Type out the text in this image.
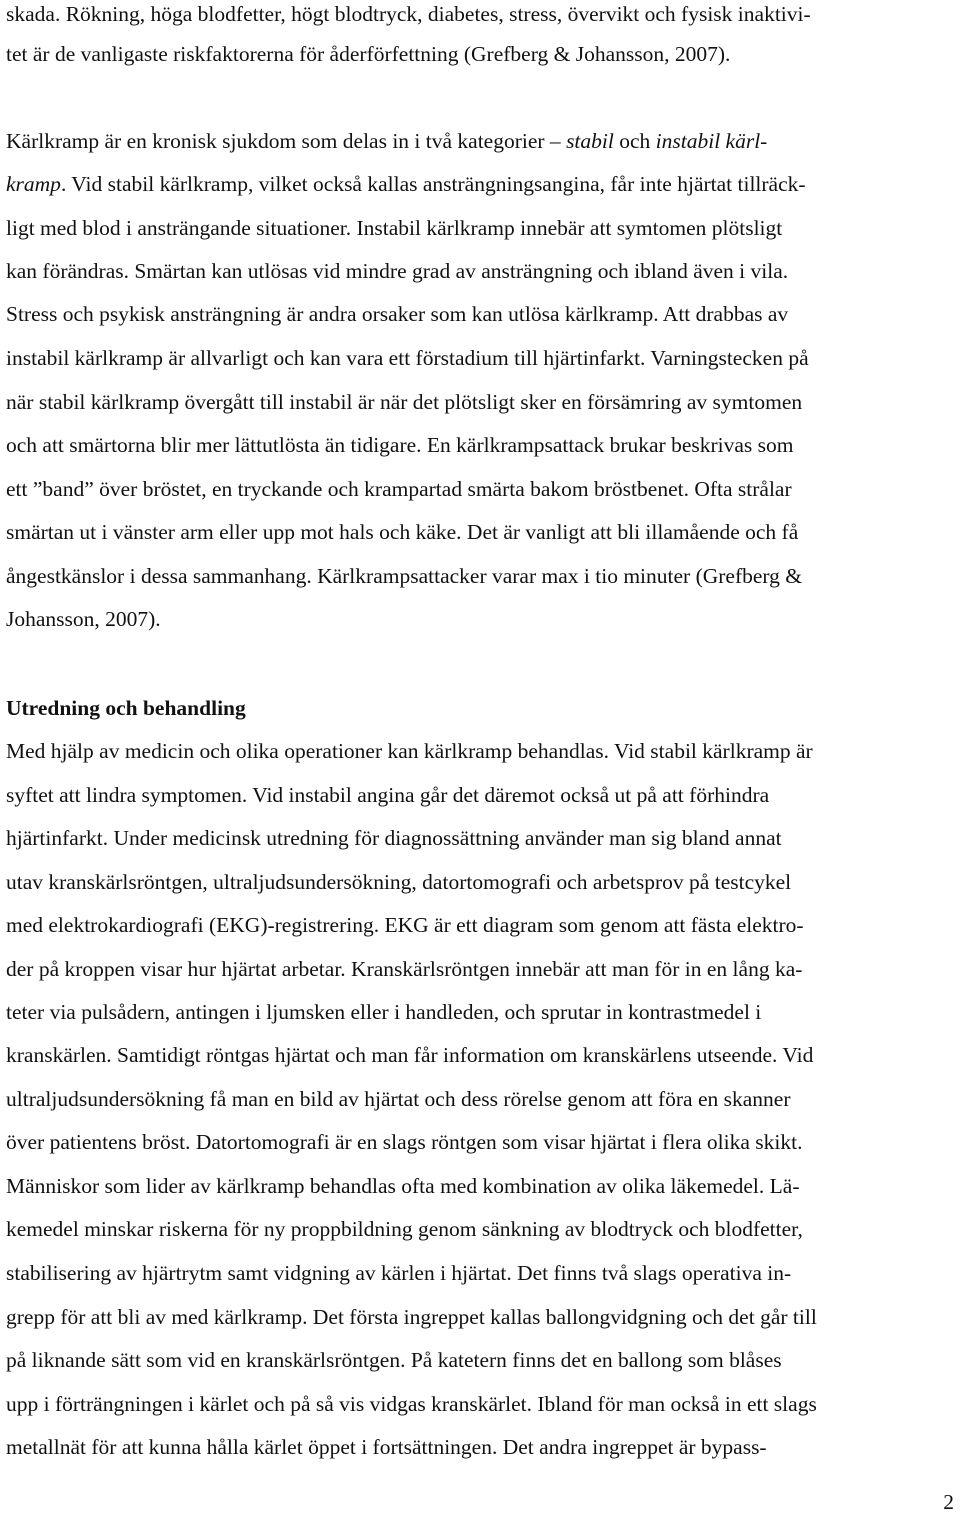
skada. Rökning, höga blodfetter, högt blodtryck, diabetes, stress, övervikt och fysisk inaktivi-
tet är de vanligaste riskfaktorerna för åderförfettning (Grefberg & Johansson, 2007).
Kärlkramp är en kronisk sjukdom som delas in i två kategorier – stabil och instabil kärl-
kramp. Vid stabil kärlkramp, vilket också kallas ansträngningsangina, får inte hjärtat tillräck-
ligt med blod i ansträngande situationer. Instabil kärlkramp innebär att symtomen plötsligt
kan förändras. Smärtan kan utlösas vid mindre grad av ansträngning och ibland även i vila.
Stress och psykisk ansträngning är andra orsaker som kan utlösa kärlkramp. Att drabbas av
instabil kärlkramp är allvarligt och kan vara ett förstadium till hjärtinfarkt. Varningstecken på
när stabil kärlkramp övergått till instabil är när det plötsligt sker en försämring av symtomen
och att smärtorna blir mer lättutlösta än tidigare. En kärlkrampsattack brukar beskrivas som
ett ”band” över bröstet, en tryckande och krampartad smärta bakom bröstbenet. Ofta strålar
smärtan ut i vänster arm eller upp mot hals och käke. Det är vanligt att bli illamående och få
ångestkänslor i dessa sammanhang. Kärlkrampsattacker varar max i tio minuter (Grefberg &
Johansson, 2007).
Utredning och behandling
Med hjälp av medicin och olika operationer kan kärlkramp behandlas. Vid stabil kärlkramp är
syftet att lindra symptomen. Vid instabil angina går det däremot också ut på att förhindra
hjärtinfarkt. Under medicinsk utredning för diagnossättning använder man sig bland annat
utav kranskärlsröntgen, ultraljudsundersökning, datortomografi och arbetsprov på testcykel
med elektrokardiografi (EKG)-registrering. EKG är ett diagram som genom att fästa elektro-
der på kroppen visar hur hjärtat arbetar. Kranskärlsröntgen innebär att man för in en lång ka-
teter via pulsådern, antingen i ljumsken eller i handleden, och sprutar in kontrastmedel i
kranskärlen. Samtidigt röntgas hjärtat och man får information om kranskärlens utseende. Vid
ultraljudsundersökning få man en bild av hjärtat och dess rörelse genom att föra en skanner
över patientens bröst. Datortomografi är en slags röntgen som visar hjärtat i flera olika skikt.
Människor som lider av kärlkramp behandlas ofta med kombination av olika läkemedel. Lä-
kemedel minskar riskerna för ny proppbildning genom sänkning av blodtryck och blodfetter,
stabilisering av hjärtrytm samt vidgning av kärlen i hjärtat. Det finns två slags operativa in-
grepp för att bli av med kärlkramp. Det första ingreppet kallas ballongvidgning och det går till
på liknande sätt som vid en kranskärlsröntgen. På katetern finns det en ballong som blåses
upp i förträngningen i kärlet och på så vis vidgas kranskärlet. Ibland för man också in ett slags
metallnät för att kunna hålla kärlet öppet i fortsättningen. Det andra ingreppet är bypass-
2
